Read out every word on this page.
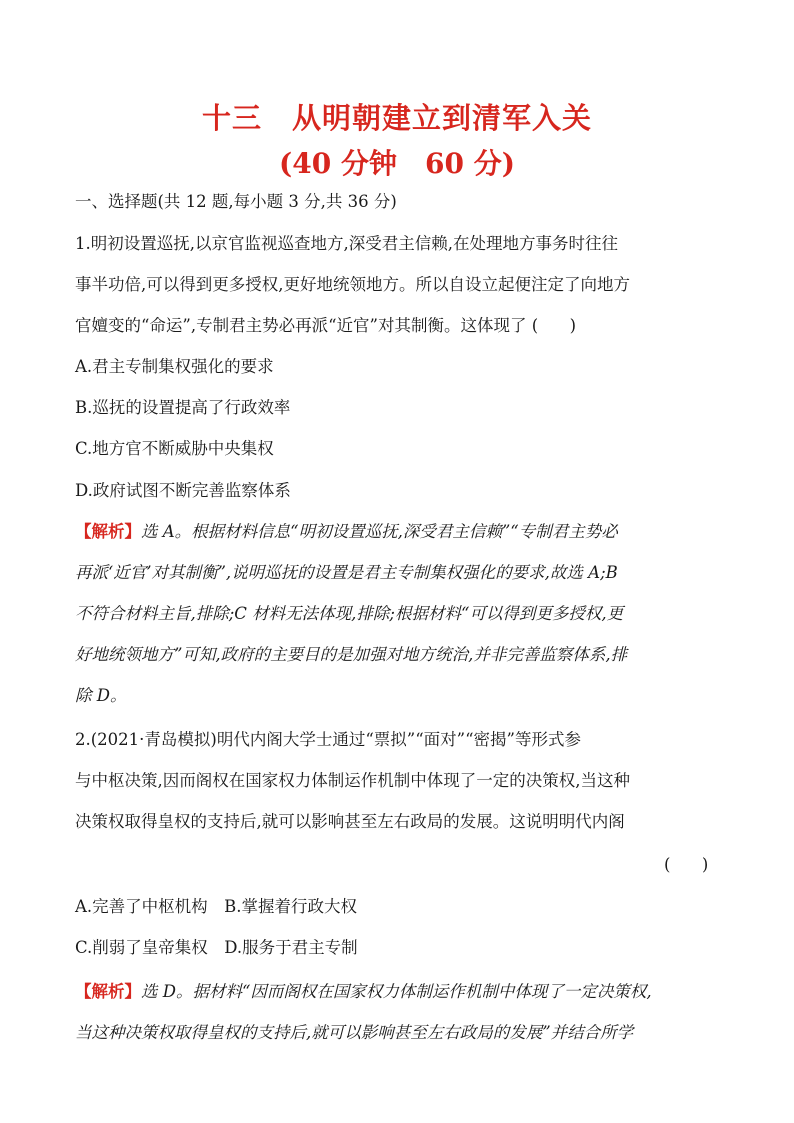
十三　从明朝建立到清军入关
(40 分钟　60 分)
一、选择题(共 12 题,每小题 3 分,共 36 分)
1.明初设置巡抚,以京官监视巡查地方,深受君主信赖,在处理地方事务时往往
事半功倍,可以得到更多授权,更好地统领地方。所以自设立起便注定了向地方
官嬗变的“命运”,专制君主势必再派“近官”对其制衡。这体现了 (      )
A.君主专制集权强化的要求
B.巡抚的设置提高了行政效率
C.地方官不断威胁中央集权
D.政府试图不断完善监察体系
【解析】选 A。根据材料信息“明初设置巡抚,深受君主信赖”“专制君主势必
再派‘近官’对其制衡”,说明巡抚的设置是君主专制集权强化的要求,故选 A;B
不符合材料主旨,排除;C 材料无法体现,排除;根据材料“可以得到更多授权,更
好地统领地方”可知,政府的主要目的是加强对地方统治,并非完善监察体系,排
除 D。
2.(2021·青岛模拟)明代内阁大学士通过“票拟”“面对”“密揭”等形式参
与中枢决策,因而阁权在国家权力体制运作机制中体现了一定的决策权,当这种
决策权取得皇权的支持后,就可以影响甚至左右政局的发展。这说明明代内阁
(      )
A.完善了中枢机构　B.掌握着行政大权
C.削弱了皇帝集权　D.服务于君主专制
【解析】选 D。据材料“因而阁权在国家权力体制运作机制中体现了一定决策权,
当这种决策权取得皇权的支持后,就可以影响甚至左右政局的发展”并结合所学
